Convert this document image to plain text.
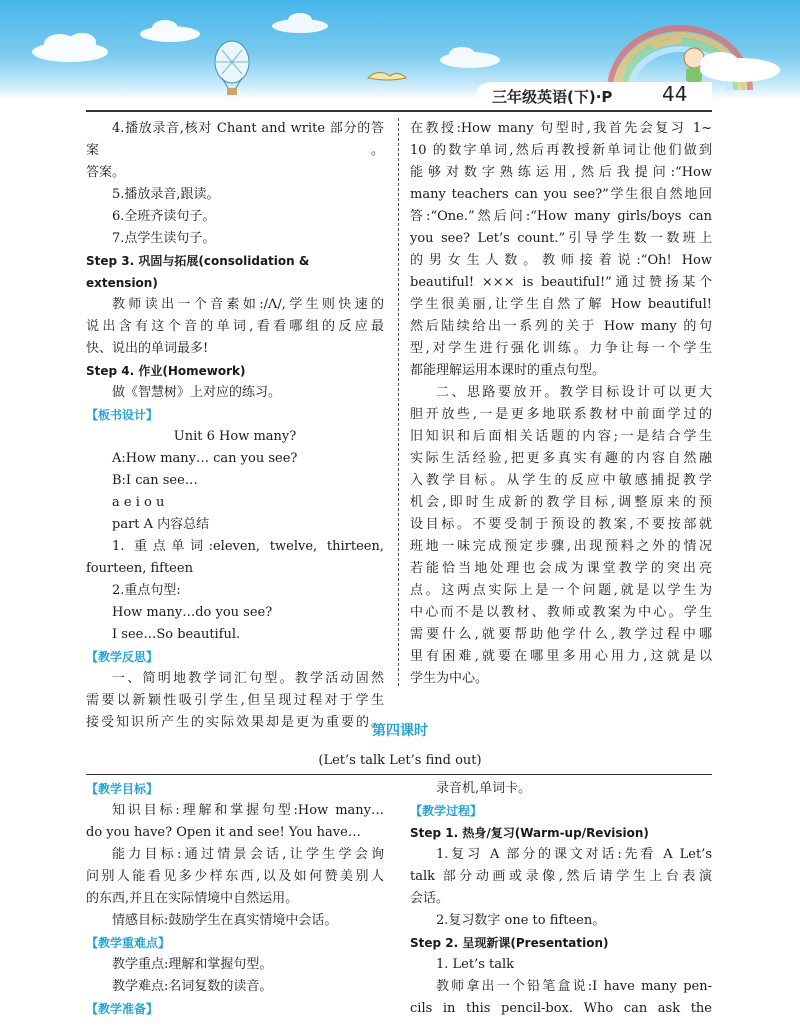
三年级英语(下)·P 44

4.播放录音,核对 Chant and write 部分的答案。

答案。

5.播放录音,跟读。

6.全班齐读句子。

7.点学生读句子。

Step 3. 巩固与拓展(consolidation & extension)

教师读出一个音素如:/Λ/,学生则快速的

说出含有这个音的单词,看看哪组的反应最

快、说出的单词最多!

Step 4. 作业(Homework)

做《智慧树》上对应的练习。

【板书设计】

Unit 6 How many?

A:How many… can you see?

B:I can see…

a e i o u

part A 内容总结

1. 重点单词:eleven, twelve, thirteen,

fourteen, fifteen

2.重点句型:

How many…do you see?

I see…So beautiful.

【教学反思】

一、简明地教学词汇句型。教学活动固然

需要以新颖性吸引学生,但呈现过程对于学生

接受知识所产生的实际效果却是更为重要的。

在教授:How many 句型时,我首先会复习 1~

10 的数字单词,然后再教授新单词让他们做到

能够对数字熟练运用,然后我提问:“How

many teachers can you see?”学生很自然地回

答:“One.”然后问:“How many girls/boys can

you see? Let’s count.”引导学生数一数班上

的男女生人数。教师接着说:“Oh! How

beautiful! ××× is beautiful!”通过赞扬某个

学生很美丽,让学生自然了解 How beautiful!

然后陆续给出一系列的关于 How many 的句

型,对学生进行强化训练。力争让每一个学生

都能理解运用本课时的重点句型。

二、思路要放开。教学目标设计可以更大

胆开放些,一是更多地联系教材中前面学过的

旧知识和后面相关话题的内容;一是结合学生

实际生活经验,把更多真实有趣的内容自然融

入教学目标。从学生的反应中敏感捕捉教学

机会,即时生成新的教学目标,调整原来的预

设目标。不要受制于预设的教案,不要按部就

班地一味完成预定步骤,出现预料之外的情况

若能恰当地处理也会成为课堂教学的突出亮

点。这两点实际上是一个问题,就是以学生为

中心而不是以教材、教师或教案为中心。学生

需要什么,就要帮助他学什么,教学过程中哪

里有困难,就要在哪里多用心用力,这就是以

学生为中心。

第四课时
(Let’s talk Let’s find out)

【教学目标】

知识目标:理解和掌握句型:How many…

do you have? Open it and see! You have…

能力目标:通过情景会话,让学生学会询

问别人能看见多少样东西,以及如何赞美别人

的东西,并且在实际情境中自然运用。

情感目标:鼓励学生在真实情境中会话。

【教学重难点】

教学重点:理解和掌握句型。

教学难点:名词复数的读音。

【教学准备】

录音机,单词卡。

【教学过程】

Step 1. 热身/复习(Warm-up/Revision)

1.复习 A 部分的课文对话:先看 A Let’s

talk 部分动画或录像,然后请学生上台表演

会话。

2.复习数字 one to fifteen。

Step 2. 呈现新课(Presentation)

1. Let’s talk

教师拿出一个铅笔盒说:I have many pen-

cils in this pencil-box. Who can ask the
